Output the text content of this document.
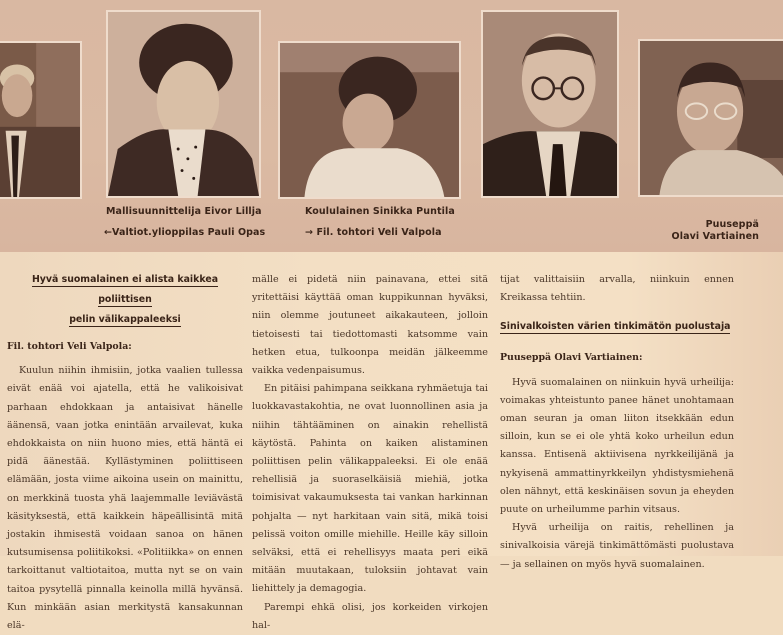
Mallisuunnittelija Eivor Lillja
←Valtiot.ylioppilas Pauli Opas
Koululainen Sinikka Puntila
→ Fil. tohtori Veli Valpola
Puuseppä
Olavi Vartiainen
Hyvä suomalainen ei alista kaikkea poliittisen
pelin välikappaleeksi
Fil. tohtori Veli Valpola:

Kuulun niihin ihmisiin, jotka vaalien tullessa eivät enää voi ajatella, että he valikoisivat parhaan ehdokkaan ja antaisivat hänelle äänensä, vaan jotka enintään arvailevat, kuka ehdokkaista on niin huono mies, että häntä ei pidä äänestää. Kyllästyminen poliittiseen elämään, josta viime aikoina usein on mainittu, on merkkinä tuosta yhä laajemmalle leviävästä käsityksestä, että kaikkein häpeällisintä mitä jostakin ihmisestä voidaan sanoa on hänen kutsumisensa poliitikoksi. «Politiikka» on ennen tarkoittanut valtiotaitoa, mutta nyt se on vain taitoa pysytellä pinnalla keinolla millä hyvänsä. Kun minkään asian merkitystä kansakunnan elä-

mälle ei pidetä niin painavana, ettei sitä yritettäisi käyttää oman kuppikunnan hyväksi, niin olemme joutuneet aikakauteen, jolloin tietoisesti tai tiedottomasti katsomme vain hetken etua, tulkoonpa meidän jälkeemme vaikka vedenpaisumus.

En pitäisi pahimpana seikkana ryhmäetuja tai luokkavastakohtia, ne ovat luonnollinen asia ja niihin tähtääminen on ainakin rehellistä käytöstä. Pahinta on kaiken alistaminen poliittisen pelin välikappaleeksi. Ei ole enää rehellisiä ja suoraselkäisiä miehiä, jotka toimisivat vakaumuksesta tai vankan harkinnan pohjalta — nyt harkitaan vain sitä, mikä toisi pelissä voiton omille miehille. Heille käy silloin selväksi, että ei rehellisyys maata peri eikä mitään muutakaan, tuloksiin johtavat vain liehittely ja demagogia.

Parempi ehkä olisi, jos korkeiden virkojen hal-

tijat valittaisiin arvalla, niinkuin ennen Kreikassa tehtiin.

Sinivalkoisten värien tinkimätön puolustaja
Puuseppä Olavi Vartiainen:

Hyvä suomalainen on niinkuin hyvä urheilija: voimakas yhteistunto panee hänet unohtamaan oman seuran ja oman liiton itsekkään edun silloin, kun se ei ole yhtä koko urheilun edun kanssa. Entisenä aktiivisena nyrkkeilijänä ja nykyisenä ammattinyrkkeilyn yhdistysmiehenä olen nähnyt, että keskinäisen sovun ja eheyden puute on urheilumme parhin vitsaus.

Hyvä urheilija on raitis, rehellinen ja sinivalkoisia värejä tinkimättömästi puolustava — ja sellainen on myös hyvä suomalainen.
